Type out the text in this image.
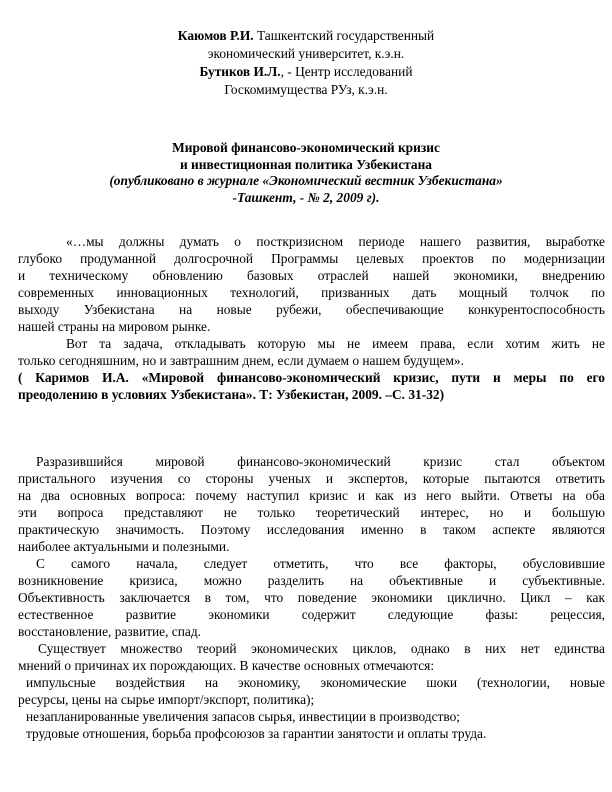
Каюмов Р.И. Ташкентский государственный
экономический университет, к.э.н.
Бутиков И.Л., - Центр исследований
Госкомимущества РУз, к.э.н.
Мировой финансово-экономический кризис
и инвестиционная политика Узбекистана
(опубликовано в журнале «Экономический вестник Узбекистана»
-Ташкент, - № 2, 2009 г).

«…мы должны думать о посткризисном периоде нашего развития, выработке

глубоко продуманной долгосрочной Программы целевых проектов по модернизации

и техническому обновлению базовых отраслей нашей экономики, внедрению

современных инновационных технологий, призванных дать мощный толчок по

выходу Узбекистана на новые рубежи, обеспечивающие конкурентоспособность

нашей страны на мировом рынке.

Вот та задача, откладывать которую мы не имеем права, если хотим жить не

только сегодняшним, но и завтрашним днем, если думаем о нашем будущем».

( Каримов И.А. «Мировой финансово-экономический кризис, пути и меры по его

преодолению в условиях Узбекистана». Т: Узбекистан, 2009. –С. 31-32)

Разразившийся мировой финансово-экономический кризис стал объектом

пристального изучения со стороны ученых и экспертов, которые пытаются ответить

на два основных вопроса: почему наступил кризис и как из него выйти. Ответы на оба

эти вопроса представляют не только теоретический интерес, но и большую

практическую значимость. Поэтому исследования именно в таком аспекте являются

наиболее актуальными и полезными.

С самого начала, следует отметить, что все факторы, обусловившие

возникновение кризиса, можно разделить на объективные и субъективные.

Объективность заключается в том, что поведение экономики циклично. Цикл – как

естественное развитие экономики содержит следующие фазы: рецессия,

восстановление, развитие, спад.

Существует множество теорий экономических циклов, однако в них нет единства

мнений о причинах их порождающих. В качестве основных отмечаются:

импульсные воздействия на экономику, экономические шоки (технологии, новые

ресурсы, цены на сырье импорт/экспорт, политика);

незапланированные увеличения запасов сырья, инвестиции в производство;

трудовые отношения, борьба профсоюзов за гарантии занятости и оплаты труда.
